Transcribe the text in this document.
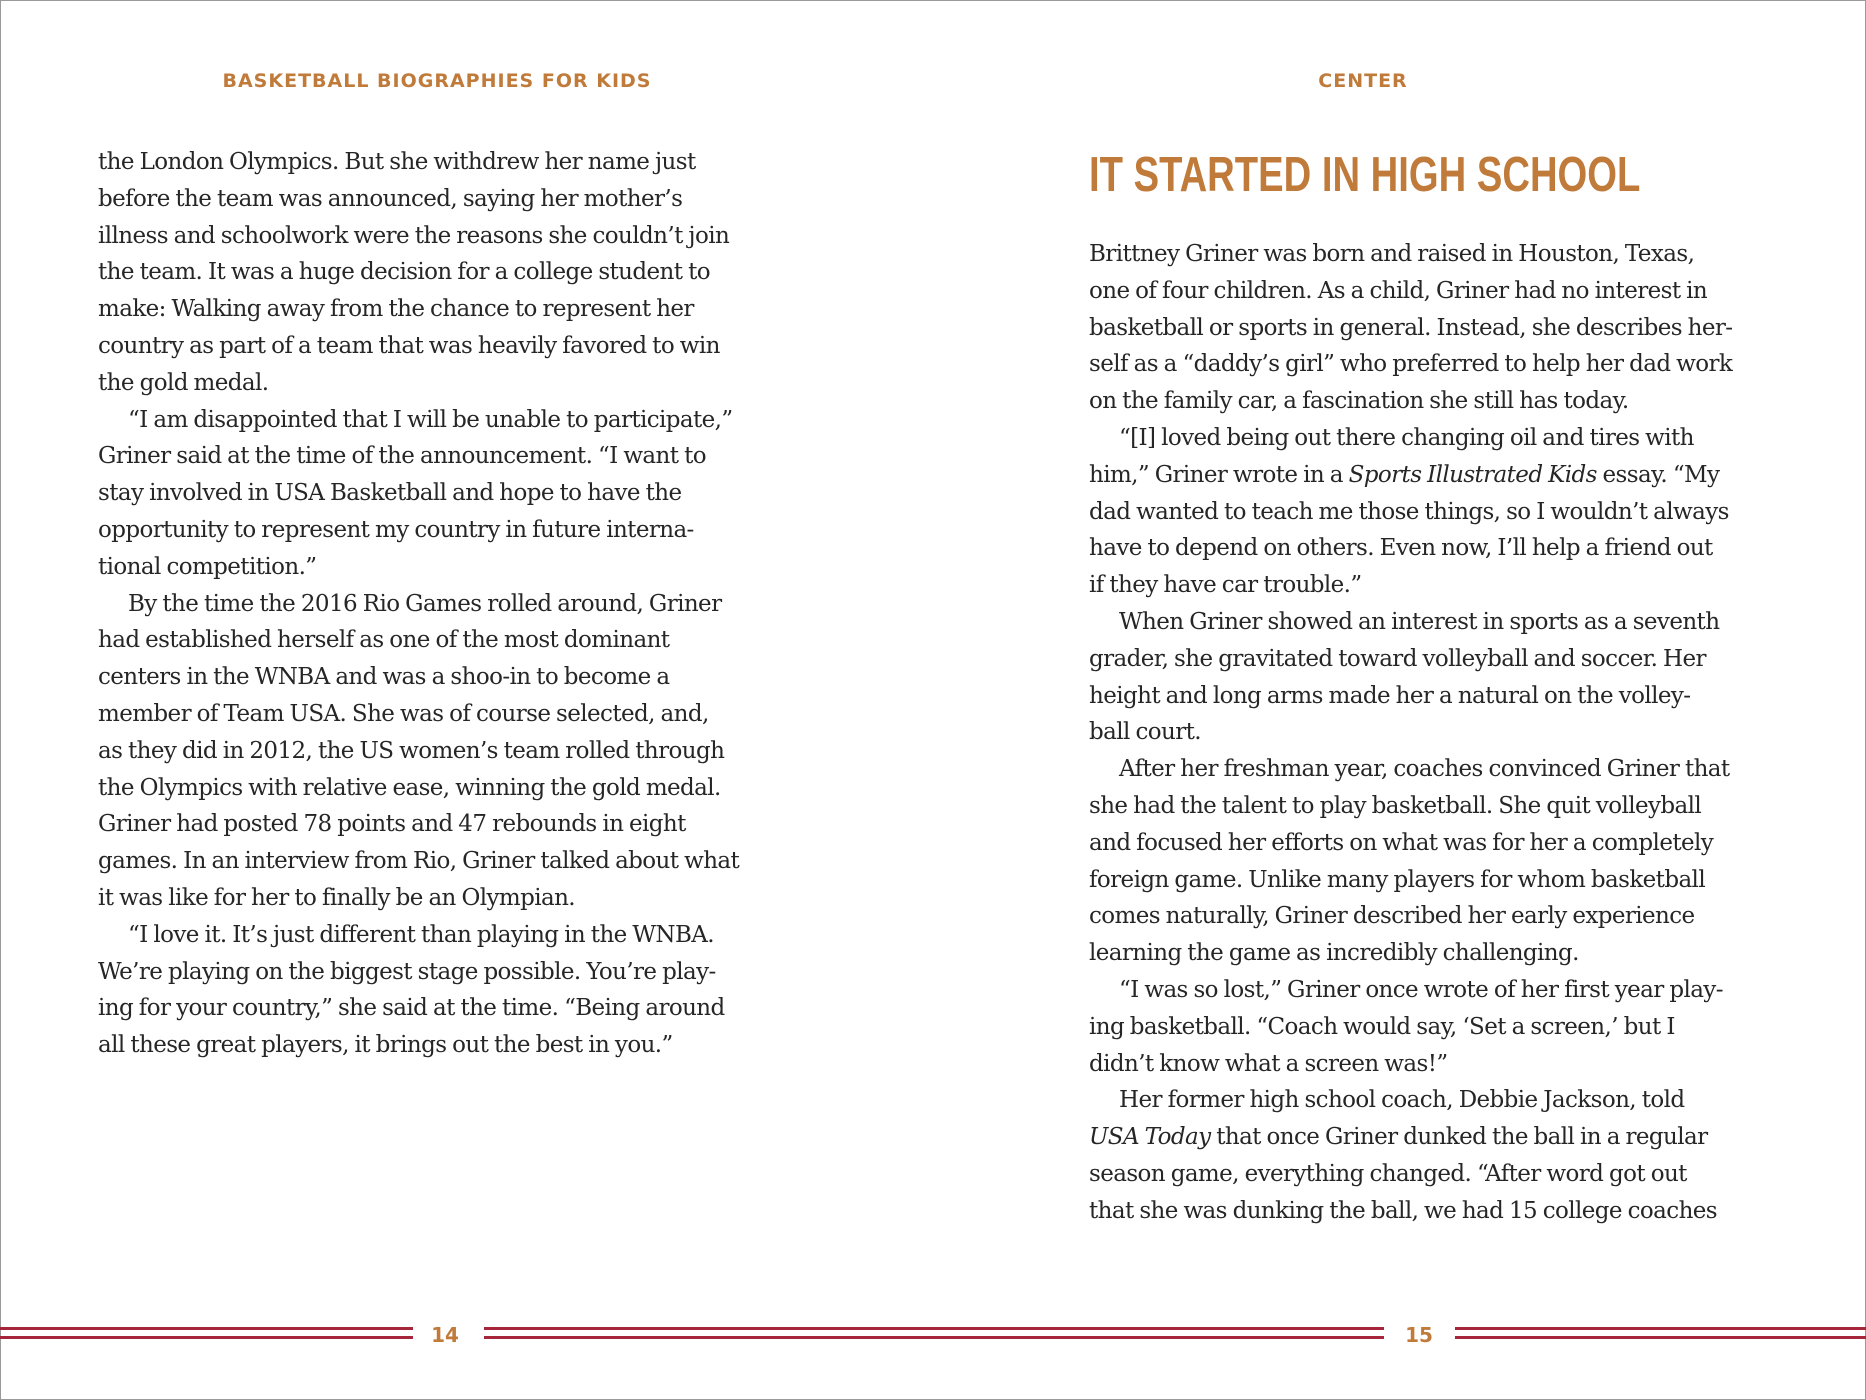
BASKETBALL BIOGRAPHIES FOR KIDS
the London Olympics. But she withdrew her name just
before the team was announced, saying her mother’s
illness and schoolwork were the reasons she couldn’t join
the team. It was a huge decision for a college student to
make: Walking away from the chance to represent her
country as part of a team that was heavily favored to win
the gold medal.
“I am disappointed that I will be unable to participate,”
Griner said at the time of the announcement. “I want to
stay involved in USA Basketball and hope to have the
opportunity to represent my country in future interna-
tional competition.”
By the time the 2016 Rio Games rolled around, Griner
had established herself as one of the most dominant
centers in the WNBA and was a shoo-in to become a
member of Team USA. She was of course selected, and,
as they did in 2012, the US women’s team rolled through
the Olympics with relative ease, winning the gold medal.
Griner had posted 78 points and 47 rebounds in eight
games. In an interview from Rio, Griner talked about what
it was like for her to finally be an Olympian.
“I love it. It’s just different than playing in the WNBA.
We’re playing on the biggest stage possible. You’re play-
ing for your country,” she said at the time. “Being around
all these great players, it brings out the best in you.”
CENTER
IT STARTED IN HIGH SCHOOL
Brittney Griner was born and raised in Houston, Texas,
one of four children. As a child, Griner had no interest in
basketball or sports in general. Instead, she describes her-
self as a “daddy’s girl” who preferred to help her dad work
on the family car, a fascination she still has today.
“[I] loved being out there changing oil and tires with
him,” Griner wrote in a Sports Illustrated Kids essay. “My
dad wanted to teach me those things, so I wouldn’t always
have to depend on others. Even now, I’ll help a friend out
if they have car trouble.”
When Griner showed an interest in sports as a seventh
grader, she gravitated toward volleyball and soccer. Her
height and long arms made her a natural on the volley-
ball court.
After her freshman year, coaches convinced Griner that
she had the talent to play basketball. She quit volleyball
and focused her efforts on what was for her a completely
foreign game. Unlike many players for whom basketball
comes naturally, Griner described her early experience
learning the game as incredibly challenging.
“I was so lost,” Griner once wrote of her first year play-
ing basketball. “Coach would say, ‘Set a screen,’ but I
didn’t know what a screen was!”
Her former high school coach, Debbie Jackson, told
USA Today that once Griner dunked the ball in a regular
season game, everything changed. “After word got out
that she was dunking the ball, we had 15 college coaches
14	15
